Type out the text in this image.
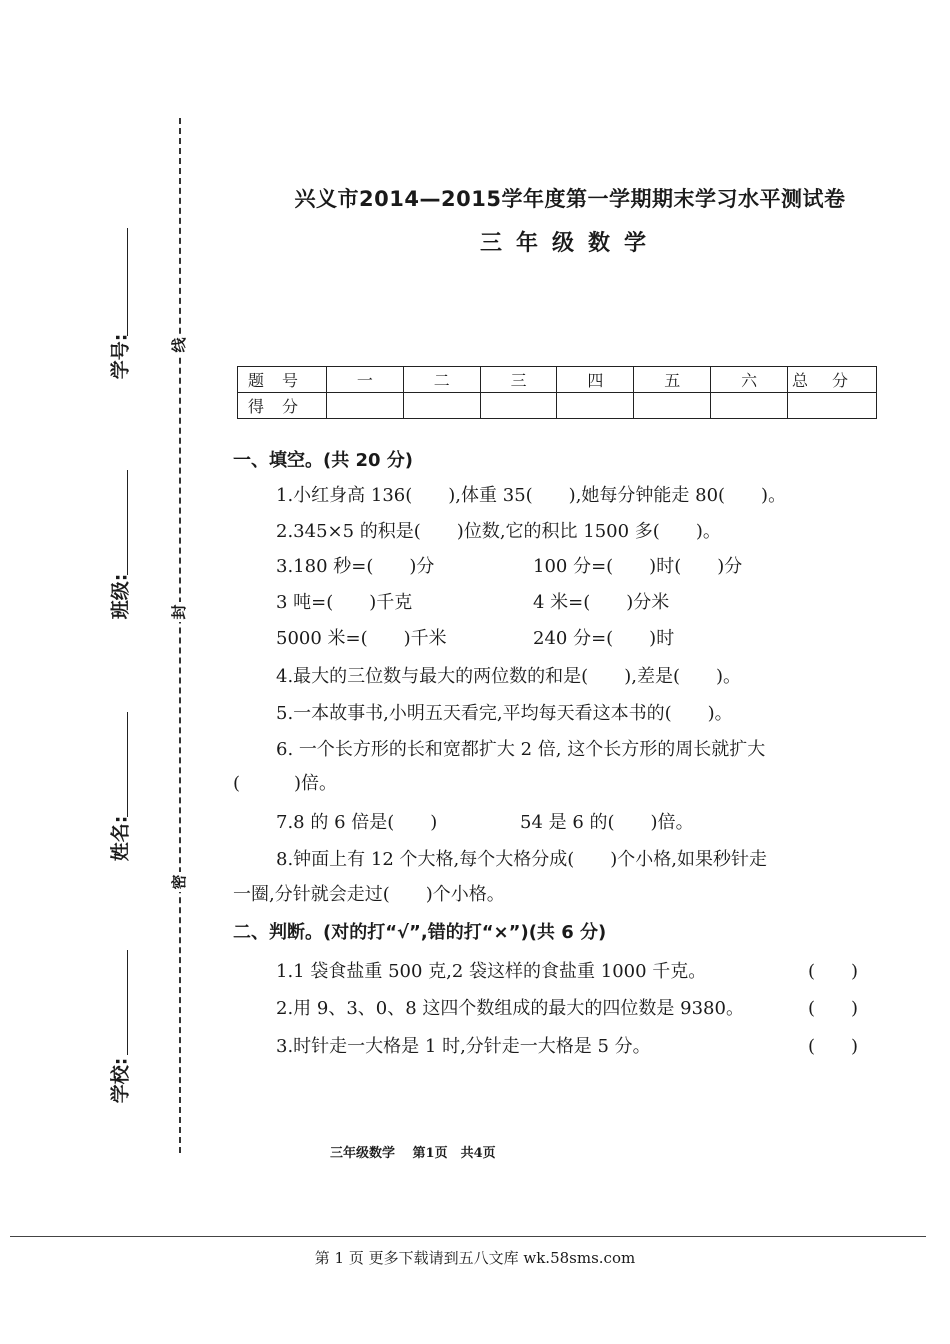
学号:
班级:
姓名:
学校:
线
封
密
兴义市2014—2015学年度第一学期期末学习水平测试卷
三年级数学
题号	一	二	三	四	五	六	总分
得分							
一、填空。(共 20 分)
1.小红身高 136(　　),体重 35(　　),她每分钟能走 80(　　)。
2.345×5 的积是(　　)位数,它的积比 1500 多(　　)。
3.180 秒=(　　)分	100 分=(　　)时(　　)分
3 吨=(　　)千克	4 米=(　　)分米
5000 米=(　　)千米	240 分=(　　)时
4.最大的三位数与最大的两位数的和是(　　),差是(　　)。
5.一本故事书,小明五天看完,平均每天看这本书的(　　)。
6. 一个长方形的长和宽都扩大 2 倍, 这个长方形的周长就扩大
(　　　)倍。
7.8 的 6 倍是(　　)	54 是 6 的(　　)倍。
8.钟面上有 12 个大格,每个大格分成(　　)个小格,如果秒针走
一圈,分针就会走过(　　)个小格。
二、判断。(对的打“√”,错的打“×”)(共 6 分)
1.1 袋食盐重 500 克,2 袋这样的食盐重 1000 千克。	(　　)
2.用 9、3、0、8 这四个数组成的最大的四位数是 9380。	(　　)
3.时针走一大格是 1 时,分针走一大格是 5 分。	(　　)
三年级数学　 第1页　共4页
第 1 页 更多下载请到五八文库 wk.58sms.com
